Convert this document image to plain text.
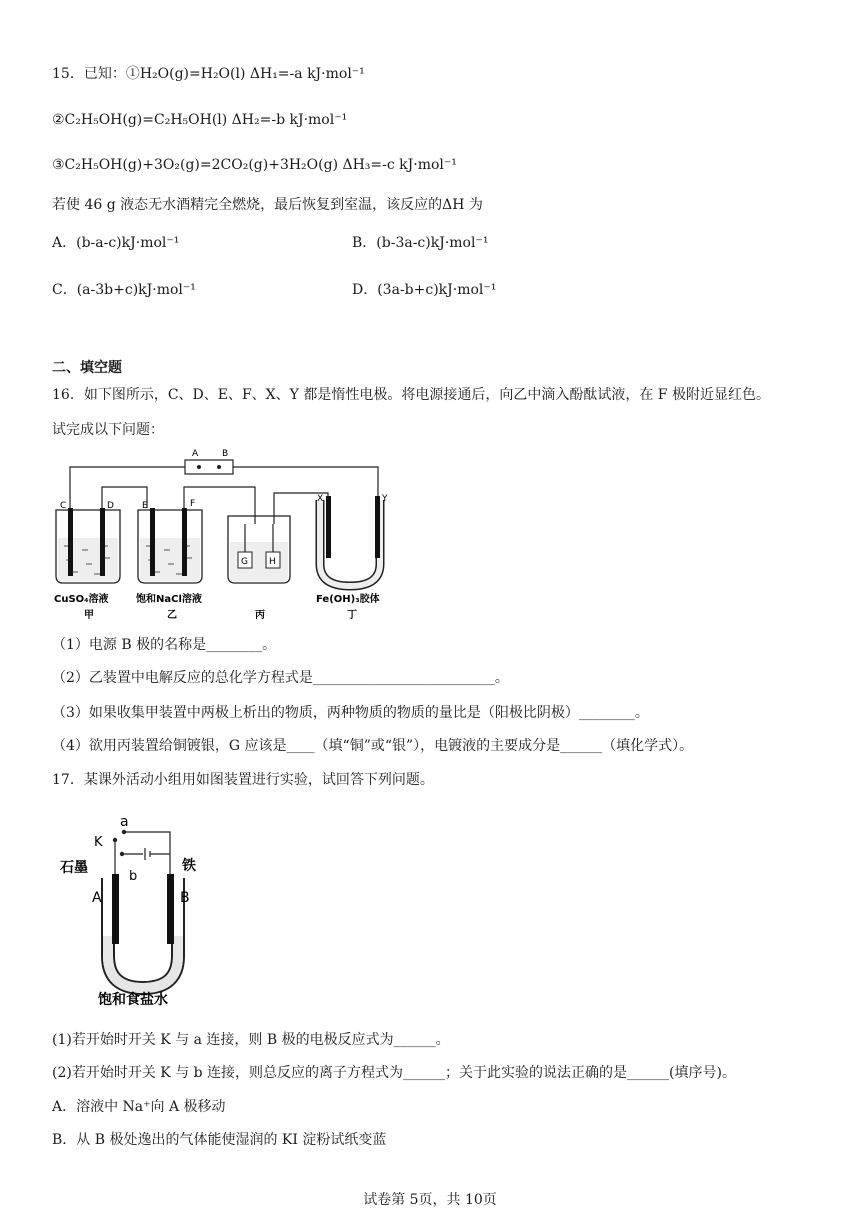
15．已知：①H₂O(g)=H₂O(l) ΔH₁=-a kJ·mol⁻¹
②C₂H₅OH(g)=C₂H₅OH(l) ΔH₂=-b kJ·mol⁻¹
③C₂H₅OH(g)+3O₂(g)=2CO₂(g)+3H₂O(g) ΔH₃=-c kJ·mol⁻¹
若使 46 g 液态无水酒精完全燃烧，最后恢复到室温，该反应的ΔH 为
A．(b-a-c)kJ·mol⁻¹	B．(b-3a-c)kJ·mol⁻¹
C．(a-3b+c)kJ·mol⁻¹	D．(3a-b+c)kJ·mol⁻¹
二、填空题
16．如下图所示，C、D、E、F、X、Y 都是惰性电极。将电源接通后，向乙中滴入酚酞试液，在 F 极附近显红色。
试完成以下问题：
A	B
C	D	E	F
G H
X	Y
CuSO₄溶液	饱和NaCl溶液	Fe(OH)₃胶体
甲	乙	丙	丁
（1）电源 B 极的名称是________。
（2）乙装置中电解反应的总化学方程式是__________________________。
（3）如果收集甲装置中两极上析出的物质，两种物质的物质的量比是（阳极比阴极）________。
（4）欲用丙装置给铜镀银，G 应该是____（填“铜”或“银”），电镀液的主要成分是______（填化学式）。
17．某课外活动小组用如图装置进行实验，试回答下列问题。
a
K
b
石墨	铁
A	B
饱和食盐水
(1)若开始时开关 K 与 a 连接，则 B 极的电极反应式为______。
(2)若开始时开关 K 与 b 连接，则总反应的离子方程式为______；关于此实验的说法正确的是______(填序号)。
A．溶液中 Na⁺向 A 极移动
B．从 B 极处逸出的气体能使湿润的 KI 淀粉试纸变蓝
试卷第 5页，共 10页
